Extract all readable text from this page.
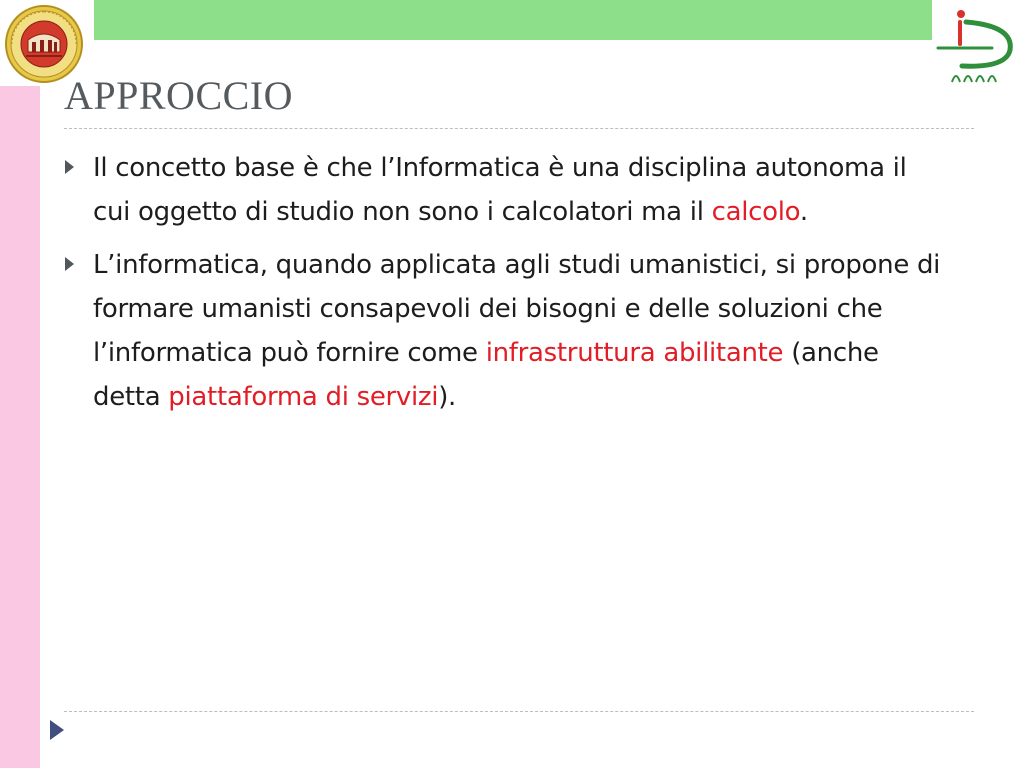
APPROCCIO
Il concetto base è che l’Informatica è una disciplina autonoma il cui oggetto di studio non sono i calcolatori ma il calcolo.
L’informatica, quando applicata agli studi umanistici, si propone di formare umanisti consapevoli dei bisogni e delle soluzioni che l’informatica può fornire come infrastruttura abilitante (anche detta piattaforma di servizi).
